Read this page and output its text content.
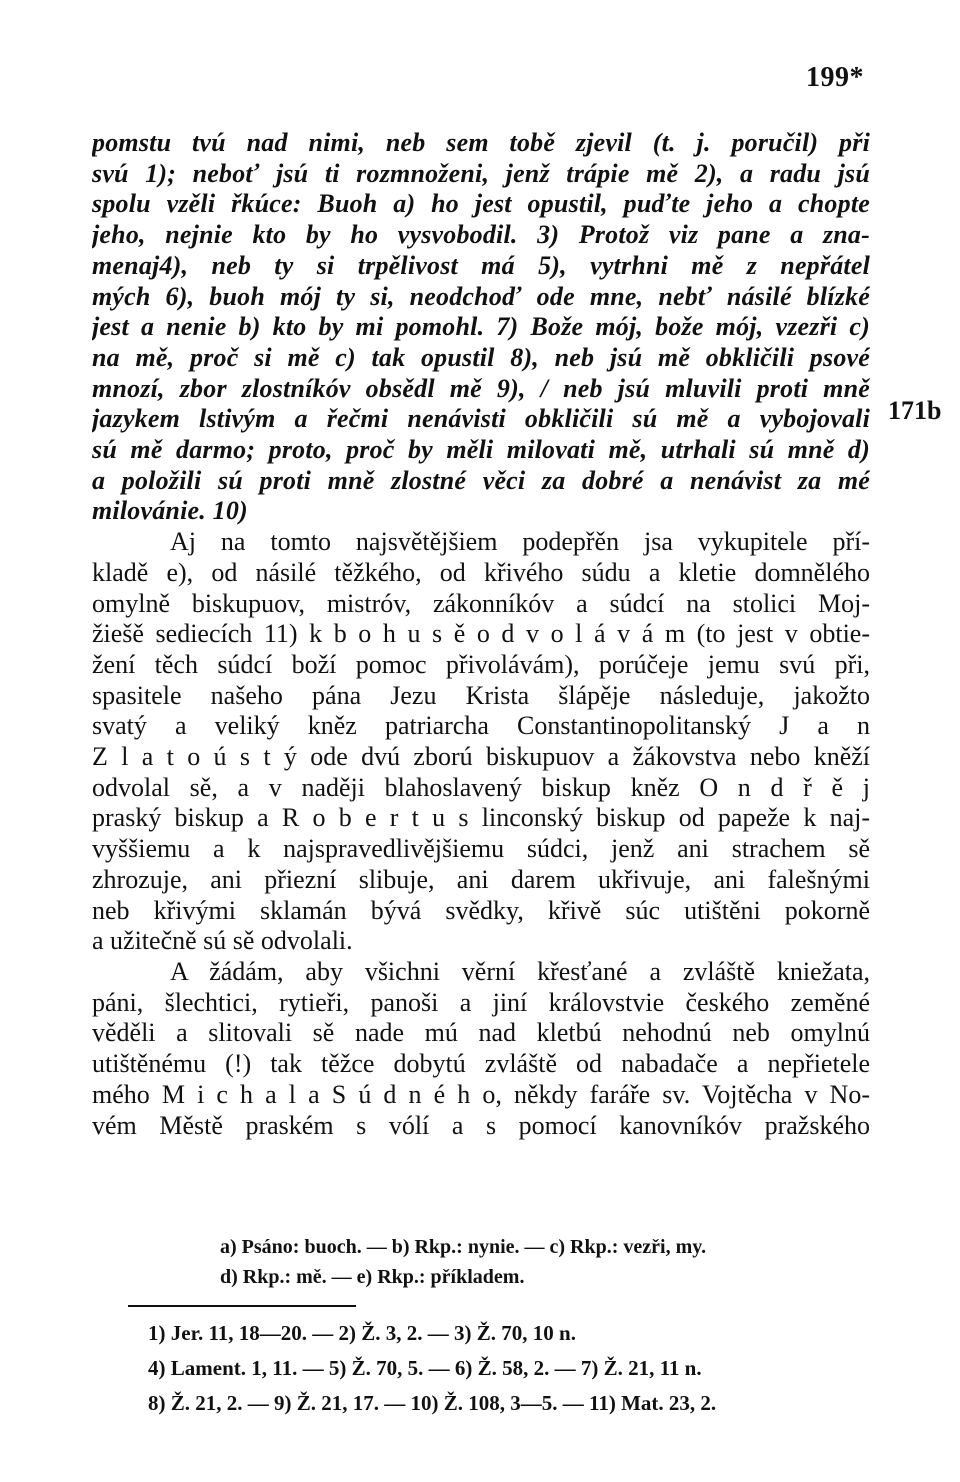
199*
171b
pomstu tvú nad nimi, neb sem tobě zjevil (t. j. poručil) při
svú 1); neboť jsú ti rozmnoženi, jenž trápie mě 2), a radu jsú
spolu vzěli řkúce: Buoh a) ho jest opustil, puďte jeho a chopte
jeho, nejnie kto by ho vysvobodil. 3) Protož viz pane a zna-
menaj4), neb ty si trpělivost má 5), vytrhni mě z nepřátel
mých 6), buoh mój ty si, neodchoď ode mne, nebť násilé blízké
jest a nenie b) kto by mi pomohl. 7) Bože mój, bože mój, vzezři c)
na mě, proč si mě c) tak opustil 8), neb jsú mě obkličili psové
mnozí, zbor zlostníkóv obsědl mě 9), / neb jsú mluvili proti mně
jazykem lstivým a řečmi nenávisti obkličili sú mě a vybojovali
sú mě darmo; proto, proč by měli milovati mě, utrhali sú mně d)
a položili sú proti mně zlostné věci za dobré a nenávist za mé
milovánie. 10)
Aj na tomto najsvětějšiem podepřěn jsa vykupitele pří-
kladě e), od násilé těžkého, od křivého súdu a kletie domnělého
omylně biskupuov, mistróv, zákonníkóv a súdcí na stolici Moj-
žiešě sediecích 11) k b o h u s ě o d v o l á v á m (to jest v obtie-
žení těch súdcí boží pomoc přivolávám), porúčeje jemu svú při,
spasitele našeho pána Jezu Krista šlápěje následuje, jakožto
svatý a veliký kněz patriarcha Constantinopolitanský J a n
Z l a t o ú s t ý ode dvú zború biskupuov a žákovstva nebo kněží
odvolal sě, a v naději blahoslavený biskup kněz O n d ř ě j
praský biskup a R o b e r t u s linconský biskup od papeže k naj-
vyššiemu a k najspravedlivějšiemu súdci, jenž ani strachem sě
zhrozuje, ani přiezní slibuje, ani darem ukřivuje, ani falešnými
neb křivými sklamán bývá svědky, křivě súc utištěni pokorně
a užitečně sú sě odvolali.
A žádám, aby všichni věrní křesťané a zvláště kniežata,
páni, šlechtici, rytieři, panoši a jiní královstvie českého zeměné
věděli a slitovali sě nade mú nad kletbú nehodnú neb omylnú
utištěnému (!) tak těžce dobytú zvláště od nabadače a nepřietele
mého M i c h a l a S ú d n é h o, někdy faráře sv. Vojtěcha v No-
vém Městě praském s vólí a s pomocí kanovníkóv pražského
a) Psáno: buoch. — b) Rkp.: nynie. — c) Rkp.: vezři, my.
d) Rkp.: mě. — e) Rkp.: příkladem.
1) Jer. 11, 18—20. — 2) Ž. 3, 2. — 3) Ž. 70, 10 n.
4) Lament. 1, 11. — 5) Ž. 70, 5. — 6) Ž. 58, 2. — 7) Ž. 21, 11 n.
8) Ž. 21, 2. — 9) Ž. 21, 17. — 10) Ž. 108, 3—5. — 11) Mat. 23, 2.
